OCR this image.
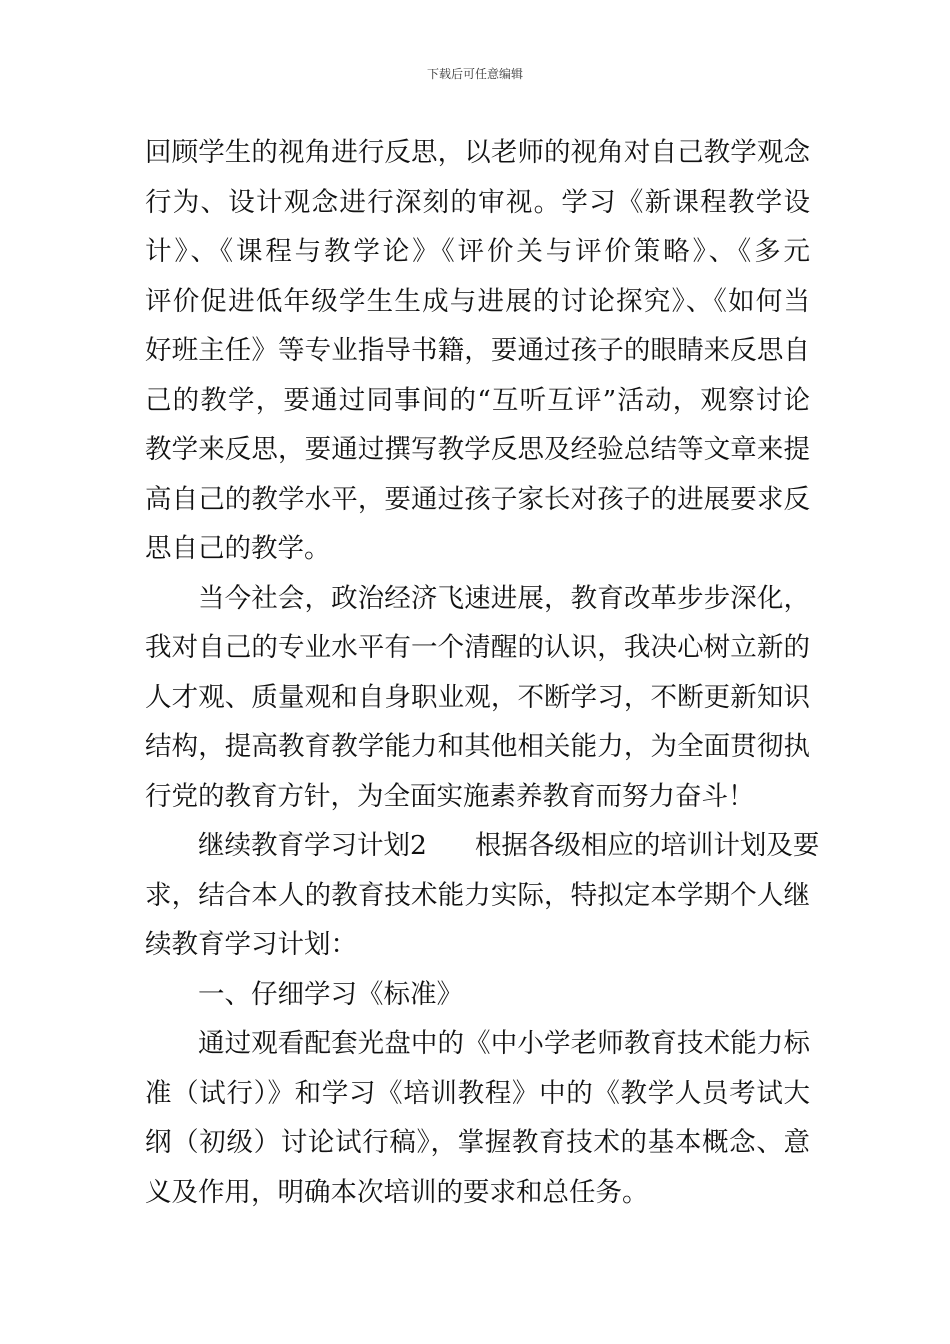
下载后可任意编辑
回顾学生的视角进行反思，以老师的视角对自己教学观念
行为、设计观念进行深刻的审视。学习《新课程教学设
计》、《课程与教学论》《评价关与评价策略》、《多元
评价促进低年级学生生成与进展的讨论探究》、《如何当
好班主任》等专业指导书籍，要通过孩子的眼睛来反思自
己的教学，要通过同事间的“互听互评”活动，观察讨论
教学来反思，要通过撰写教学反思及经验总结等文章来提
高自己的教学水平，要通过孩子家长对孩子的进展要求反
思自己的教学。
当今社会，政治经济飞速进展，教育改革步步深化，
我对自己的专业水平有一个清醒的认识，我决心树立新的
人才观、质量观和自身职业观，不断学习，不断更新知识
结构，提高教育教学能力和其他相关能力，为全面贯彻执
行党的教育方针，为全面实施素养教育而努力奋斗！
继续教育学习计划2 根据各级相应的培训计划及要
求，结合本人的教育技术能力实际，特拟定本学期个人继
续教育学习计划：
一、仔细学习《标准》
通过观看配套光盘中的《中小学老师教育技术能力标
准（试行）》和学习《培训教程》中的《教学人员考试大
纲（初级）讨论试行稿》，掌握教育技术的基本概念、意
义及作用，明确本次培训的要求和总任务。
